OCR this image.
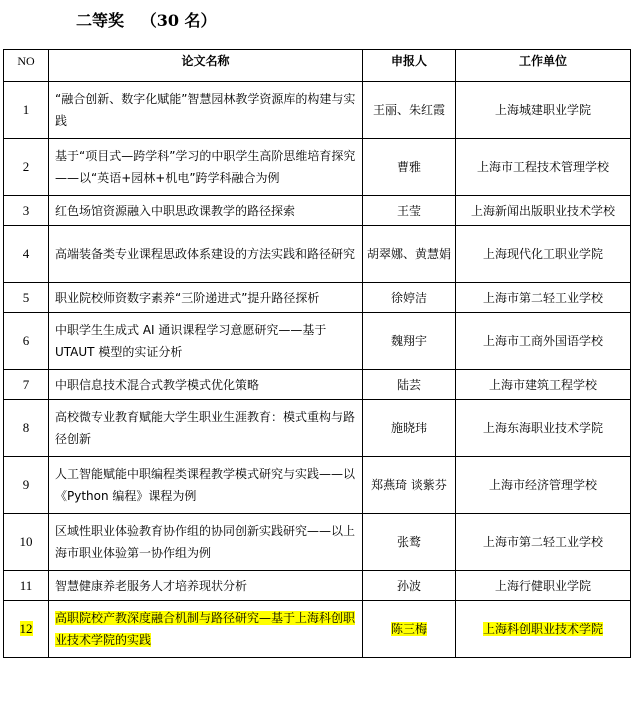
二等奖   （30 名）
NO	论文名称	申报人	工作单位
1	“融合创新、数字化赋能”智慧园林教学资源库的构建与实践	王丽、朱红霞	上海城建职业学院
2	基于“项目式—跨学科”学习的中职学生高阶思维培育探究——以“英语+园林+机电”跨学科融合为例	曹雅	上海市工程技术管理学校
3	红色场馆资源融入中职思政课教学的路径探索	王莹	上海新闻出版职业技术学校
4	高端装备类专业课程思政体系建设的方法实践和路径研究	胡翠娜、黄慧娟	上海现代化工职业学院
5	职业院校师资数字素养“三阶递进式”提升路径探析	徐婷洁	上海市第二轻工业学校
6	中职学生生成式 AI 通识课程学习意愿研究——基于 UTAUT 模型的实证分析	魏翔宇	上海市工商外国语学校
7	中职信息技术混合式教学模式优化策略	陆芸	上海市建筑工程学校
8	高校微专业教育赋能大学生职业生涯教育：模式重构与路径创新	施晓玮	上海东海职业技术学院
9	人工智能赋能中职编程类课程教学模式研究与实践——以《Python 编程》课程为例	郑燕琦 谈紫芬	上海市经济管理学校
10	区域性职业体验教育协作组的协同创新实践研究——以上海市职业体验第一协作组为例	张鹜	上海市第二轻工业学校
11	智慧健康养老服务人才培养现状分析	孙波	上海行健职业学院
12	高职院校产教深度融合机制与路径研究—基于上海科创职业技术学院的实践	陈三梅	上海科创职业技术学院
